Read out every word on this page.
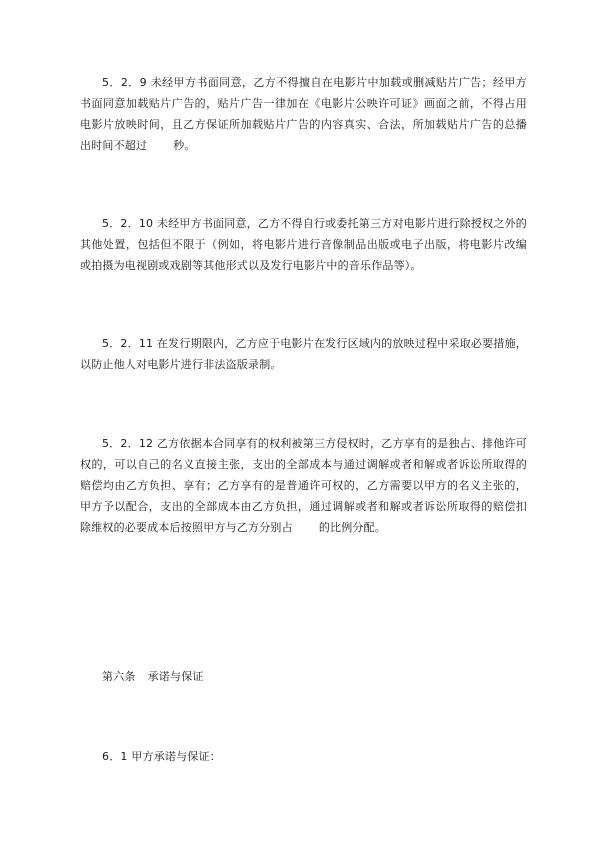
5．2．9 未经甲方书面同意，乙方不得擅自在电影片中加载或删减贴片广告；经甲方书面同意加载贴片广告的，贴片广告一律加在《电影片公映许可证》画面之前，不得占用电影片放映时间，且乙方保证所加载贴片广告的内容真实、合法，所加载贴片广告的总播出时间不超过 秒。

5．2．10 未经甲方书面同意，乙方不得自行或委托第三方对电影片进行除授权之外的其他处置，包括但不限于（例如，将电影片进行音像制品出版或电子出版，将电影片改编或拍摄为电视剧或戏剧等其他形式以及发行电影片中的音乐作品等）。

5．2．11 在发行期限内，乙方应于电影片在发行区域内的放映过程中采取必要措施，以防止他人对电影片进行非法盗版录制。

5．2．12 乙方依据本合同享有的权利被第三方侵权时，乙方享有的是独占、排他许可权的，可以自己的名义直接主张，支出的全部成本与通过调解或者和解或者诉讼所取得的赔偿均由乙方负担、享有；乙方享有的是普通许可权的，乙方需要以甲方的名义主张的，甲方予以配合，支出的全部成本由乙方负担，通过调解或者和解或者诉讼所取得的赔偿扣除维权的必要成本后按照甲方与乙方分别占 的比例分配。

第六条 承诺与保证

6．1 甲方承诺与保证：
